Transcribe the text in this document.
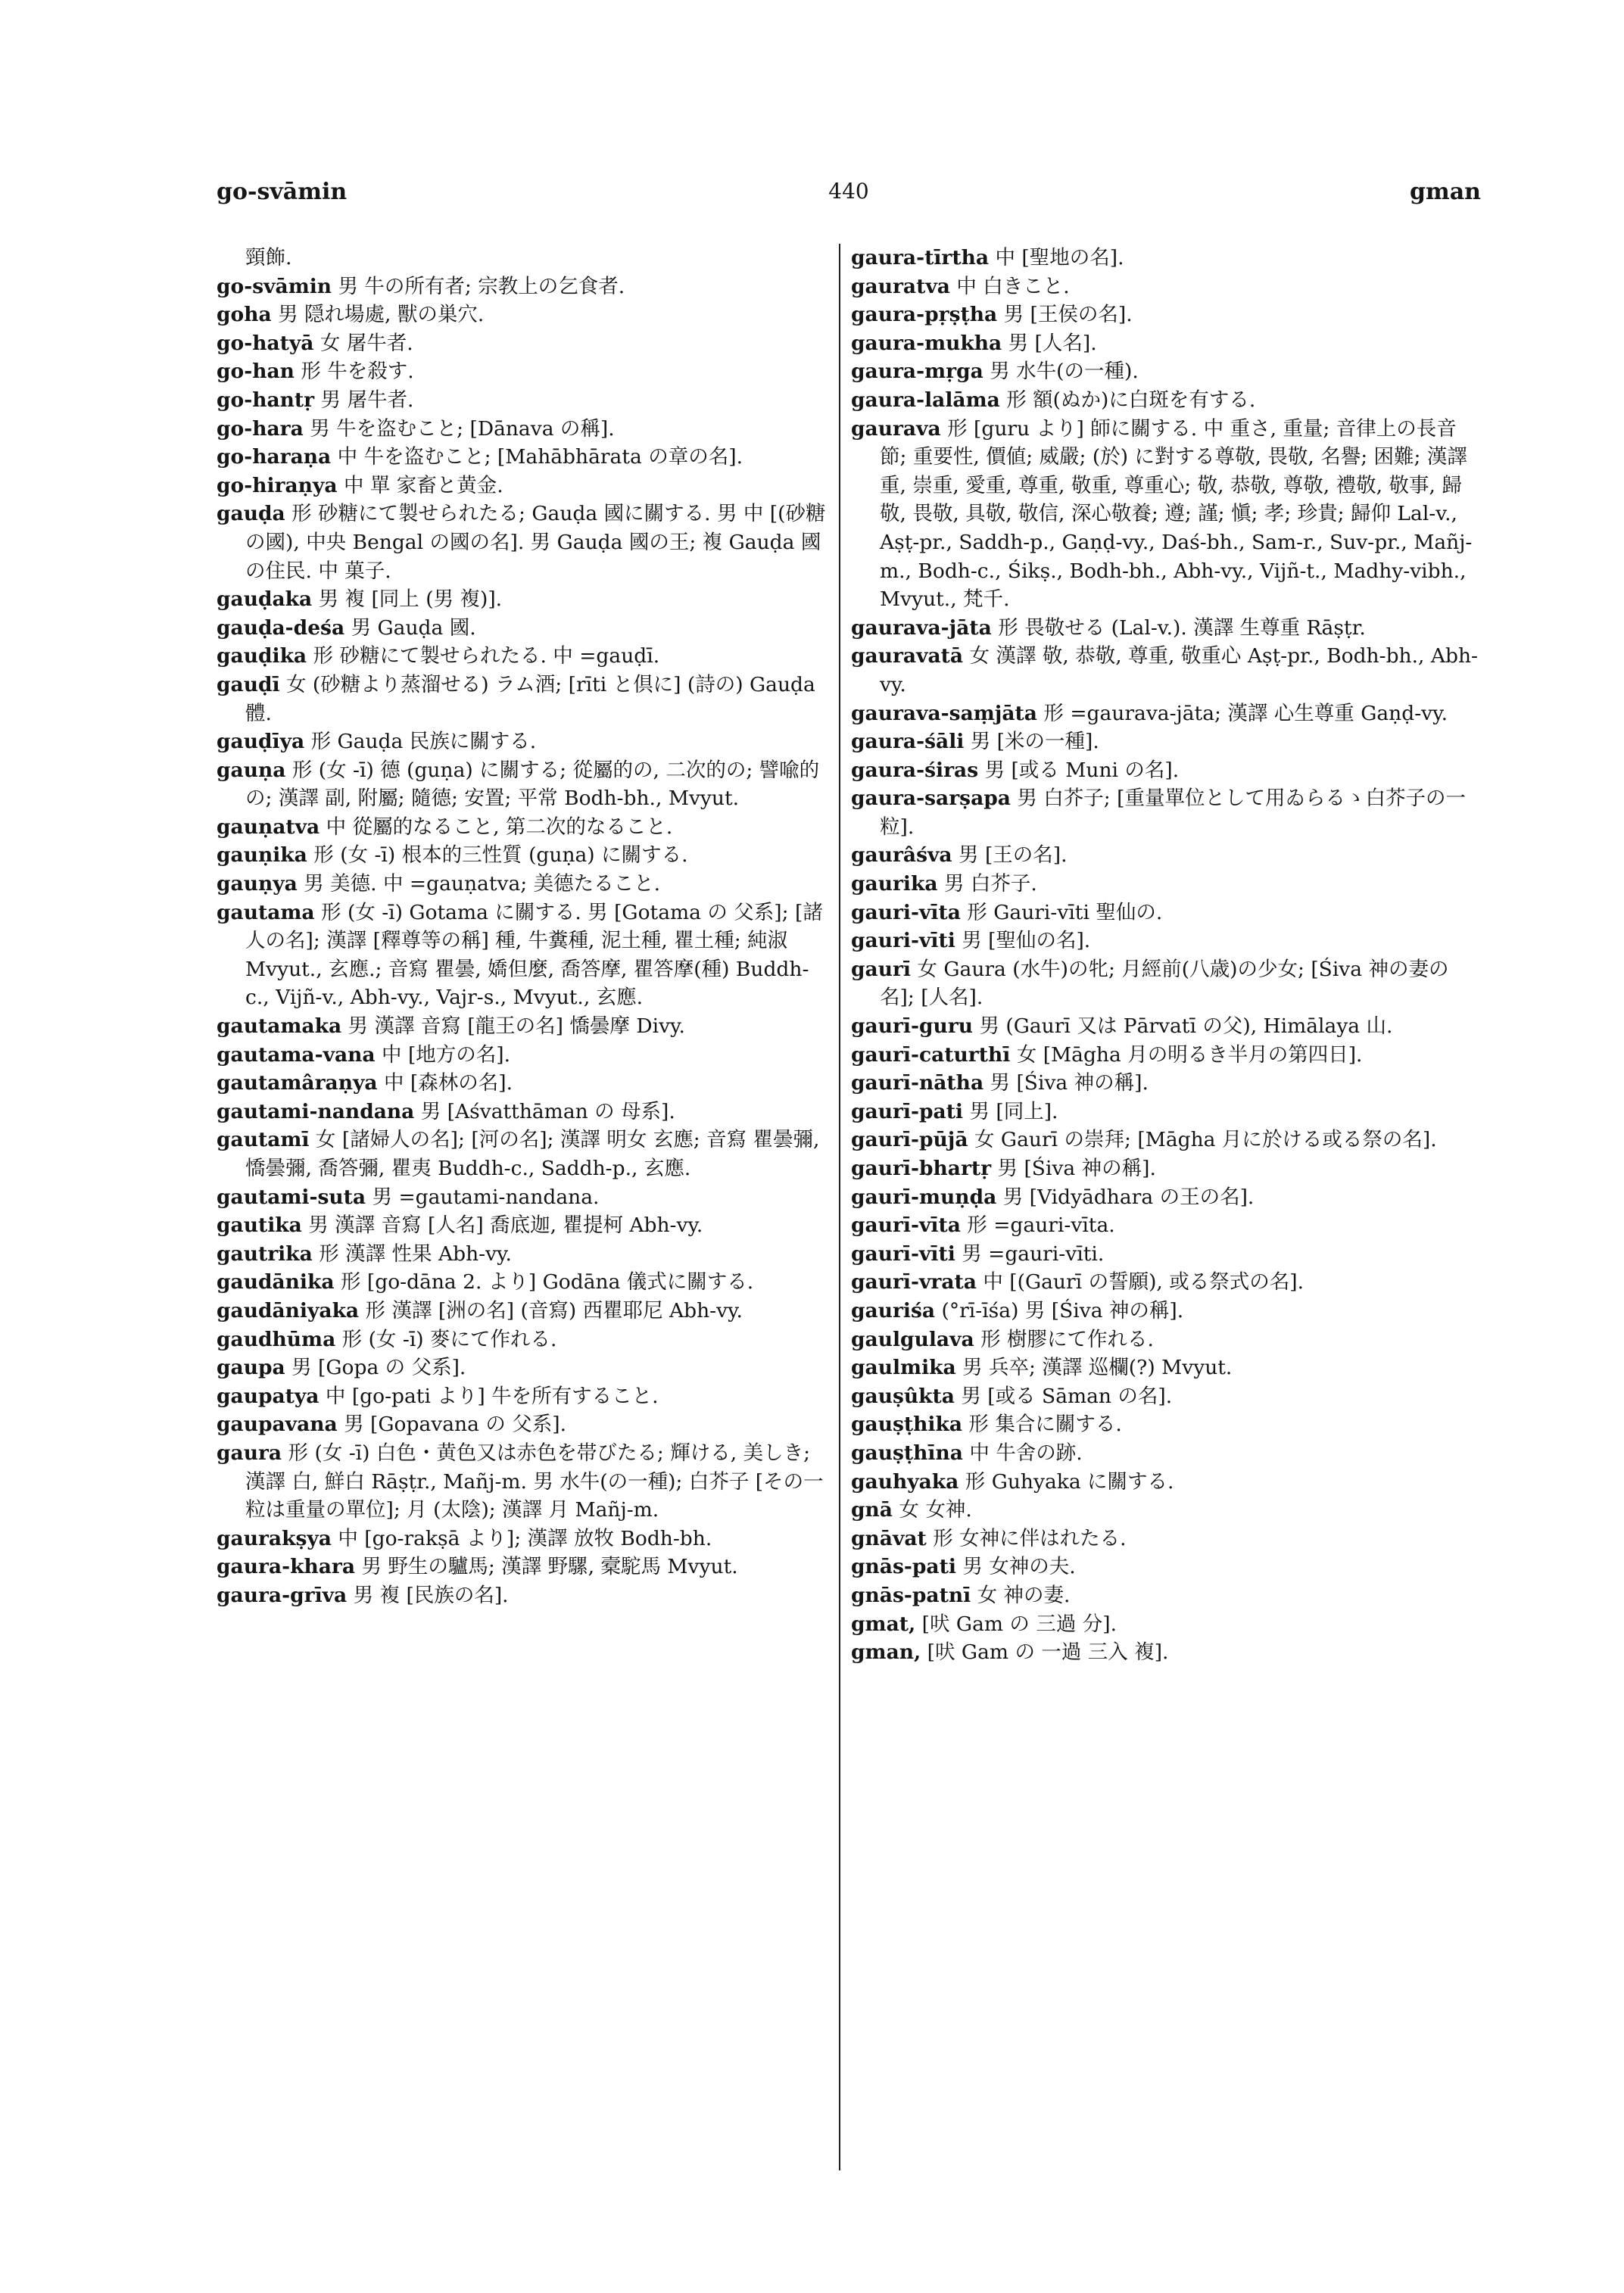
go-svāmin	440	gman

頸飾.

go-svāmin 男 牛の所有者; 宗教上の乞食者.

goha 男 隠れ場處, 獸の巣穴.

go-hatyā 女 屠牛者.

go-han 形 牛を殺す.

go-hantṛ 男 屠牛者.

go-hara 男 牛を盗むこと; [Dānava の稱].

go-haraṇa 中 牛を盗むこと; [Mahābhārata の章の名].

go-hiraṇya 中 單 家畜と黄金.

gauḍa 形 砂糖にて製せられたる; Gauḍa 國に關する. 男 中 [(砂糖の國), 中央 Bengal の國の名]. 男 Gauḍa 國の王; 複 Gauḍa 國の住民. 中 菓子.

gauḍaka 男 複 [同上 (男 複)].

gauḍa-deśa 男 Gauḍa 國.

gauḍika 形 砂糖にて製せられたる. 中 =gauḍī.

gauḍī 女 (砂糖より蒸溜せる) ラム酒; [rīti と倶に] (詩の) Gauḍa 體.

gauḍīya 形 Gauḍa 民族に關する.

gauṇa 形 (女 -ī) 德 (guṇa) に關する; 從屬的の, 二次的の; 譬喩的の; 漢譯 副, 附屬; 隨德; 安置; 平常 Bodh-bh., Mvyut.

gauṇatva 中 從屬的なること, 第二次的なること.

gauṇika 形 (女 -ī) 根本的三性質 (guṇa) に關する.

gauṇya 男 美德. 中 =gauṇatva; 美德たること.

gautama 形 (女 -ī) Gotama に關する. 男 [Gotama の 父系]; [諸人の名]; 漢譯 [釋尊等の稱] 種, 牛糞種, 泥土種, 瞿土種; 純淑 Mvyut., 玄應.; 音寫 瞿曇, 嬌但麼, 喬答摩, 瞿答摩(種) Buddh-c., Vijñ-v., Abh-vy., Vajr-s., Mvyut., 玄應.

gautamaka 男 漢譯 音寫 [龍王の名] 憍曇摩 Divy.

gautama-vana 中 [地方の名].

gautamâraṇya 中 [森林の名].

gautami-nandana 男 [Aśvatthāman の 母系].

gautamī 女 [諸婦人の名]; [河の名]; 漢譯 明女 玄應; 音寫 瞿曇彌, 憍曇彌, 喬答彌, 瞿夷 Buddh-c., Saddh-p., 玄應.

gautami-suta 男 =gautami-nandana.

gautika 男 漢譯 音寫 [人名] 喬底迦, 瞿提柯 Abh-vy.

gautrika 形 漢譯 性果 Abh-vy.

gaudānika 形 [go-dāna 2. より] Godāna 儀式に關する.

gaudāniyaka 形 漢譯 [洲の名] (音寫) 西瞿耶尼 Abh-vy.

gaudhūma 形 (女 -ī) 麥にて作れる.

gaupa 男 [Gopa の 父系].

gaupatya 中 [go-pati より] 牛を所有すること.

gaupavana 男 [Gopavana の 父系].

gaura 形 (女 -ī) 白色・黄色又は赤色を帯びたる; 輝ける, 美しき; 漢譯 白, 鮮白 Rāṣṭr., Mañj-m. 男 水牛(の一種); 白芥子 [その一粒は重量の單位]; 月 (太陰); 漢譯 月 Mañj-m.

gaurakṣya 中 [go-rakṣā より]; 漢譯 放牧 Bodh-bh.

gaura-khara 男 野生の驢馬; 漢譯 野騾, 槖駝馬 Mvyut.

gaura-grīva 男 複 [民族の名].

gaura-tīrtha 中 [聖地の名].

gauratva 中 白きこと.

gaura-pṛṣṭha 男 [王侯の名].

gaura-mukha 男 [人名].

gaura-mṛga 男 水牛(の一種).

gaura-lalāma 形 額(ぬか)に白斑を有する.

gaurava 形 [guru より] 師に關する. 中 重さ, 重量; 音律上の長音節; 重要性, 價値; 威嚴; (於) に對する尊敬, 畏敬, 名譽; 困難; 漢譯 重, 崇重, 愛重, 尊重, 敬重, 尊重心; 敬, 恭敬, 尊敬, 禮敬, 敬事, 歸敬, 畏敬, 具敬, 敬信, 深心敬養; 遵; 謹; 愼; 孝; 珍貴; 歸仰 Lal-v., Aṣṭ-pr., Saddh-p., Gaṇḍ-vy., Daś-bh., Sam-r., Suv-pr., Mañj-m., Bodh-c., Śikṣ., Bodh-bh., Abh-vy., Vijñ-t., Madhy-vibh., Mvyut., 梵千.

gaurava-jāta 形 畏敬せる (Lal-v.). 漢譯 生尊重 Rāṣṭr.

gauravatā 女 漢譯 敬, 恭敬, 尊重, 敬重心 Aṣṭ-pr., Bodh-bh., Abh-vy.

gaurava-saṃjāta 形 =gaurava-jāta; 漢譯 心生尊重 Gaṇḍ-vy.

gaura-śāli 男 [米の一種].

gaura-śiras 男 [或る Muni の名].

gaura-sarṣapa 男 白芥子; [重量單位として用ゐらるゝ白芥子の一粒].

gaurâśva 男 [王の名].

gaurika 男 白芥子.

gauri-vīta 形 Gauri-vīti 聖仙の.

gauri-vīti 男 [聖仙の名].

gaurī 女 Gaura (水牛)の牝; 月經前(八歳)の少女; [Śiva 神の妻の名]; [人名].

gaurī-guru 男 (Gaurī 又は Pārvatī の父), Himālaya 山.

gaurī-caturthī 女 [Māgha 月の明るき半月の第四日].

gaurī-nātha 男 [Śiva 神の稱].

gaurī-pati 男 [同上].

gaurī-pūjā 女 Gaurī の崇拜; [Māgha 月に於ける或る祭の名].

gaurī-bhartṛ 男 [Śiva 神の稱].

gaurī-muṇḍa 男 [Vidyādhara の王の名].

gaurī-vīta 形 =gauri-vīta.

gaurī-vīti 男 =gauri-vīti.

gaurī-vrata 中 [(Gaurī の誓願), 或る祭式の名].

gauriśa (°rī-īśa) 男 [Śiva 神の稱].

gaulgulava 形 樹膠にて作れる.

gaulmika 男 兵卒; 漢譯 巡欄(?) Mvyut.

gauṣûkta 男 [或る Sāman の名].

gauṣṭhika 形 集合に關する.

gauṣṭhīna 中 牛舍の跡.

gauhyaka 形 Guhyaka に關する.

gnā 女 女神.

gnāvat 形 女神に伴はれたる.

gnās-pati 男 女神の夫.

gnās-patnī 女 神の妻.

gmat, [吠 Gam の 三過 分].

gman, [吠 Gam の 一過 三入 複].
